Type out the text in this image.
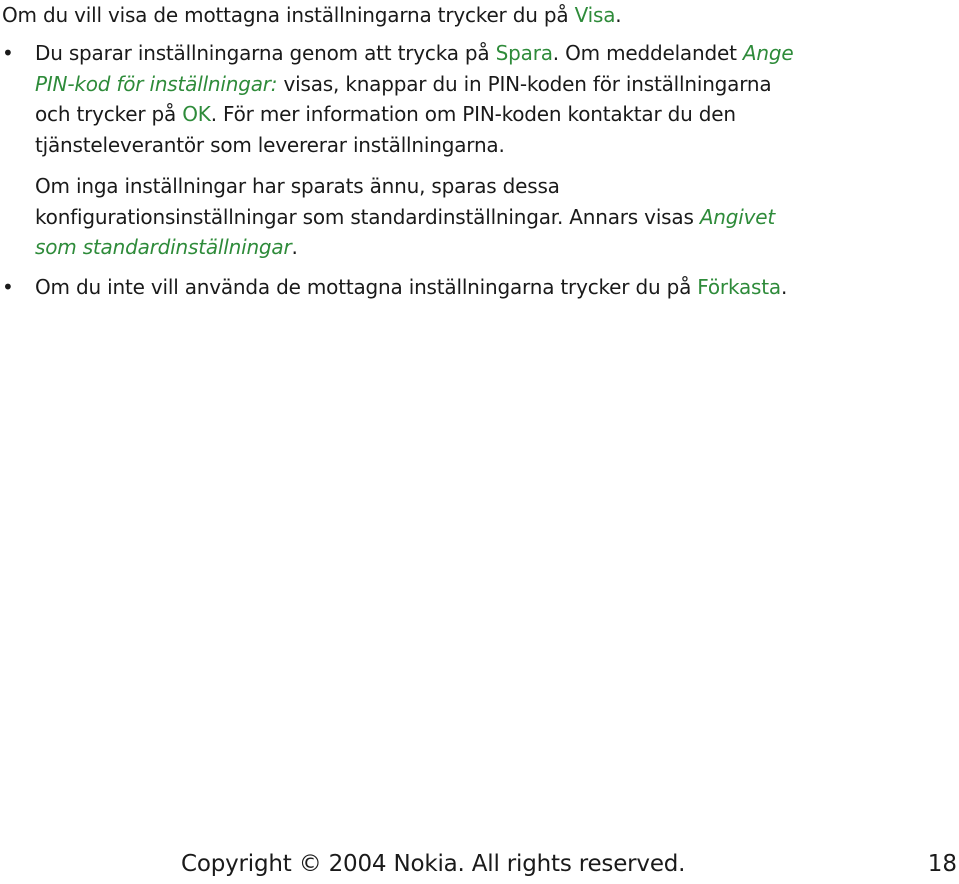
Om du vill visa de mottagna inställningarna trycker du på Visa.

•	Du sparar inställningarna genom att trycka på Spara. Om meddelandet Ange PIN-kod för inställningar: visas, knappar du in PIN-koden för inställningarna och trycker på OK. För mer information om PIN-koden kontaktar du den tjänsteleverantör som levererar inställningarna.

Om inga inställningar har sparats ännu, sparas dessa konfigurationsinställningar som standardinställningar. Annars visas Angivet som standardinställningar.

•	Om du inte vill använda de mottagna inställningarna trycker du på Förkasta.
Copyright © 2004 Nokia. All rights reserved.	18
